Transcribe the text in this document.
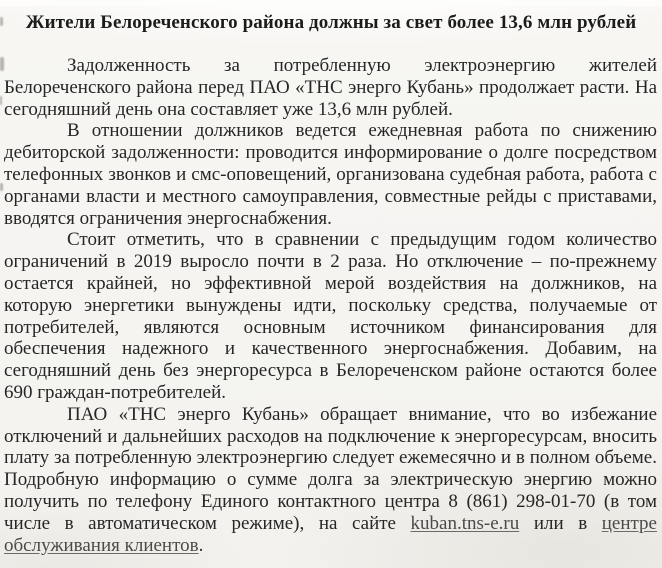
Жители Белореченского района должны за свет более 13,6 млн рублей

Задолженность за потребленную электроэнергию жителей Белореченского района перед ПАО «ТНС энерго Кубань» продолжает расти. На сегодняшний день она составляет уже 13,6 млн рублей.

В отношении должников ведется ежедневная работа по снижению дебиторской задолженности: проводится информирование о долге посредством телефонных звонков и смс-оповещений, организована судебная работа, работа с органами власти и местного самоуправления, совместные рейды с приставами, вводятся ограничения энергоснабжения.

Стоит отметить, что в сравнении с предыдущим годом количество ограничений в 2019 выросло почти в 2 раза. Но отключение – по-прежнему остается крайней, но эффективной мерой воздействия на должников, на которую энергетики вынуждены идти, поскольку средства, получаемые от потребителей, являются основным источником финансирования для обеспечения надежного и качественного энергоснабжения. Добавим, на сегодняшний день без энергоресурса в Белореченском районе остаются более 690 граждан-потребителей.

ПАО «ТНС энерго Кубань» обращает внимание, что во избежание отключений и дальнейших расходов на подключение к энергоресурсам, вносить плату за потребленную электроэнергию следует ежемесячно и в полном объеме. Подробную информацию о сумме долга за электрическую энергию можно получить по телефону Единого контактного центра 8 (861) 298-01-70 (в том числе в автоматическом режиме), на сайте kuban.tns-e.ru или в центре обслуживания клиентов.
